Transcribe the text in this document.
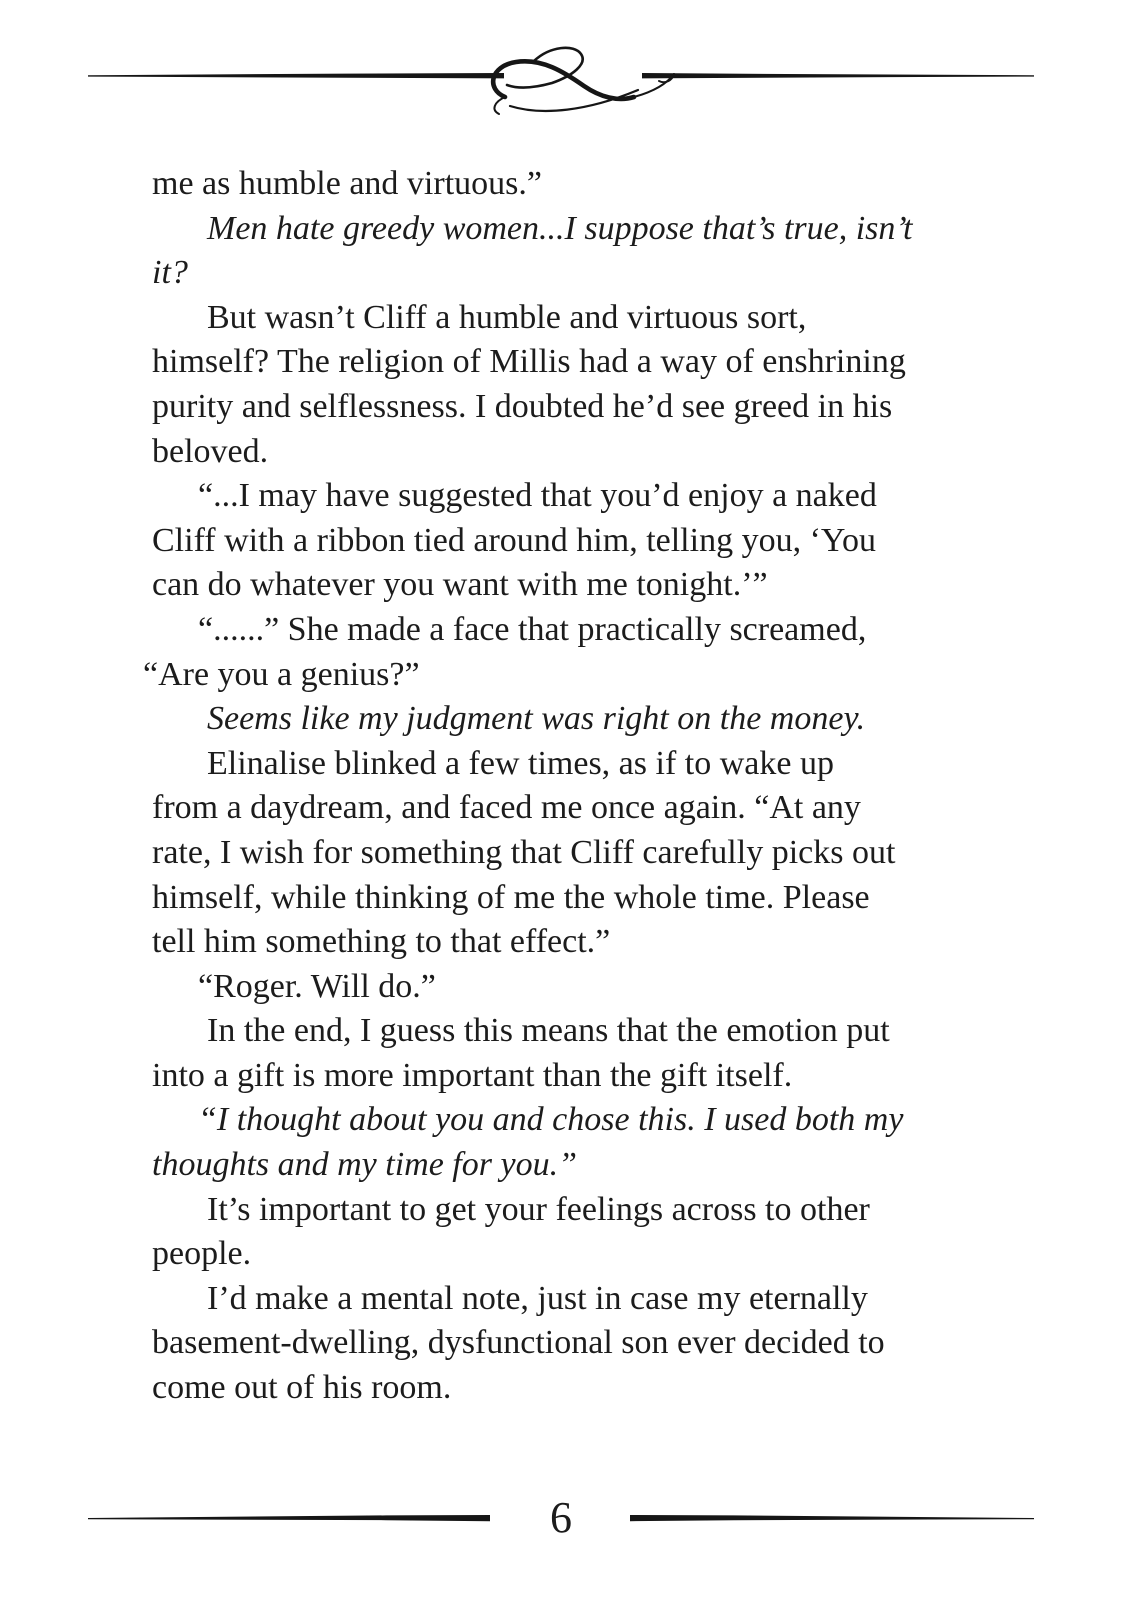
me as humble and virtuous.”
Men hate greedy women...I suppose that’s true, isn’t
it?
But wasn’t Cliff a humble and virtuous sort,
himself? The religion of Millis had a way of enshrining
purity and selflessness. I doubted he’d see greed in his
beloved.
“...I may have suggested that you’d enjoy a naked
Cliff with a ribbon tied around him, telling you, ‘You
can do whatever you want with me tonight.’”
“......” She made a face that practically screamed,
“Are you a genius?”
Seems like my judgment was right on the money.
Elinalise blinked a few times, as if to wake up
from a daydream, and faced me once again. “At any
rate, I wish for something that Cliff carefully picks out
himself, while thinking of me the whole time. Please
tell him something to that effect.”
“Roger. Will do.”
In the end, I guess this means that the emotion put
into a gift is more important than the gift itself.
“I thought about you and chose this. I used both my
thoughts and my time for you.”
It’s important to get your feelings across to other
people.
I’d make a mental note, just in case my eternally
basement-dwelling, dysfunctional son ever decided to
come out of his room.
6
